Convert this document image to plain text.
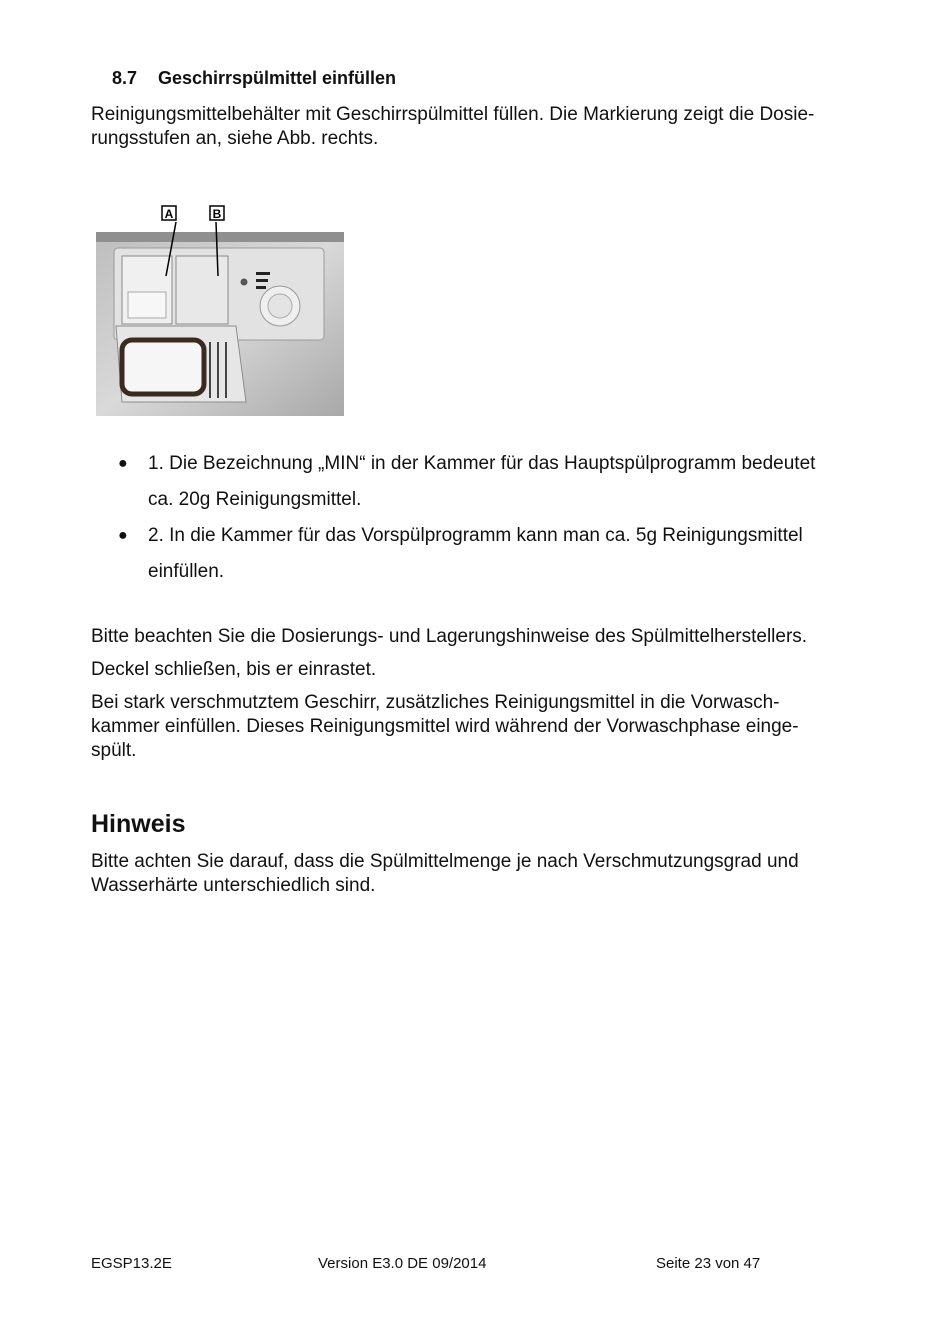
8.7 Geschirrspülmittel einfüllen
Reinigungsmittelbehälter mit Geschirrspülmittel füllen. Die Markierung zeigt die Dosie-
rungsstufen an, siehe Abb. rechts.
A	B
● 1. Die Bezeichnung „MIN“ in der Kammer für das Hauptspülprogramm bedeutet
ca. 20g Reinigungsmittel.
● 2. In die Kammer für das Vorspülprogramm kann man ca. 5g Reinigungsmittel
einfüllen.
Bitte beachten Sie die Dosierungs- und Lagerungshinweise des Spülmittelherstellers.
Deckel schließen, bis er einrastet.
Bei stark verschmutztem Geschirr, zusätzliches Reinigungsmittel in die Vorwasch-
kammer einfüllen. Dieses Reinigungsmittel wird während der Vorwaschphase einge-
spült.
Hinweis
Bitte achten Sie darauf, dass die Spülmittelmenge je nach Verschmutzungsgrad und
Wasserhärte unterschiedlich sind.
EGSP13.2E	Version E3.0 DE 09/2014	Seite 23 von 47
